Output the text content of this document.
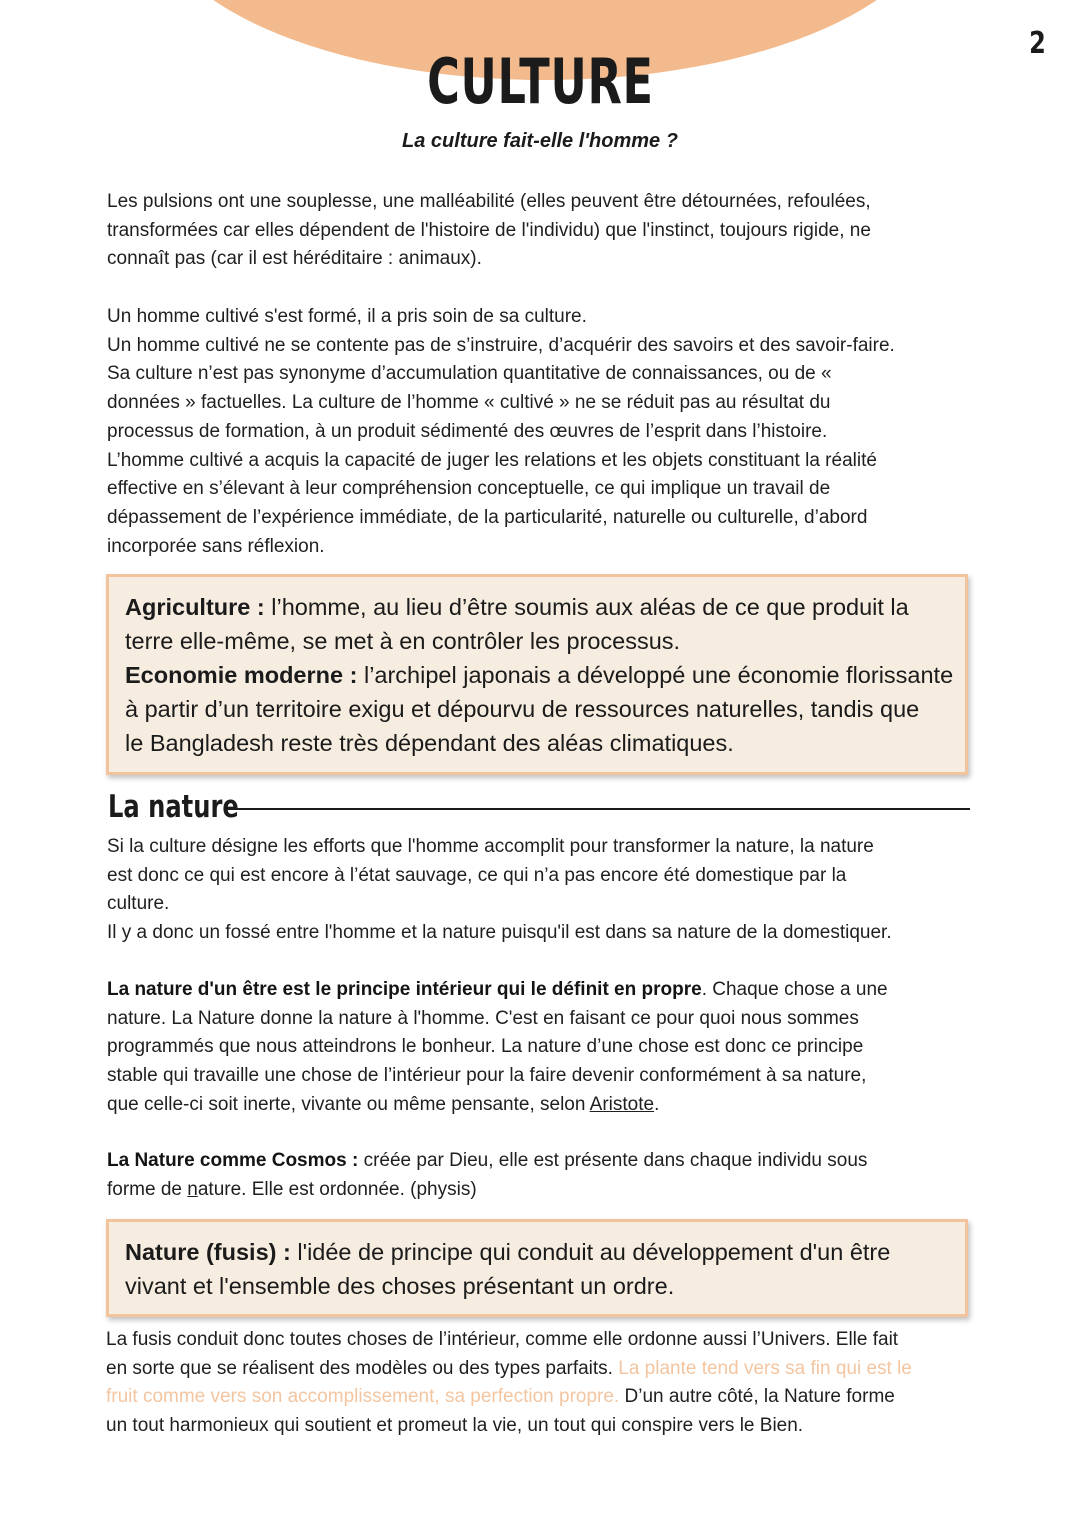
2
CULTURE
La culture fait-elle l'homme ?

Les pulsions ont une souplesse, une malléabilité (elles peuvent être détournées, refoulées,
transformées car elles dépendent de l'histoire de l'individu) que l'instinct, toujours rigide, ne
connaît pas (car il est héréditaire : animaux).

Un homme cultivé s'est formé, il a pris soin de sa culture.
Un homme cultivé ne se contente pas de s’instruire, d’acquérir des savoirs et des savoir-faire.
Sa culture n’est pas synonyme d’accumulation quantitative de connaissances, ou de «
données » factuelles. La culture de l’homme « cultivé » ne se réduit pas au résultat du
processus de formation, à un produit sédimenté des œuvres de l’esprit dans l’histoire.
L’homme cultivé a acquis la capacité de juger les relations et les objets constituant la réalité
effective en s’élevant à leur compréhension conceptuelle, ce qui implique un travail de
dépassement de l’expérience immédiate, de la particularité, naturelle ou culturelle, d’abord
incorporée sans réflexion.

Agriculture : l’homme, au lieu d’être soumis aux aléas de ce que produit la
terre elle-même, se met à en contrôler les processus.
Economie moderne : l’archipel japonais a développé une économie florissante
à partir d’un territoire exigu et dépourvu de ressources naturelles, tandis que
le Bangladesh reste très dépendant des aléas climatiques.

La nature

Si la culture désigne les efforts que l'homme accomplit pour transformer la nature, la nature
est donc ce qui est encore à l’état sauvage, ce qui n’a pas encore été domestique par la
culture.
Il y a donc un fossé entre l'homme et la nature puisqu'il est dans sa nature de la domestiquer.

La nature d'un être est le principe intérieur qui le définit en propre. Chaque chose a une
nature. La Nature donne la nature à l'homme. C'est en faisant ce pour quoi nous sommes
programmés que nous atteindrons le bonheur. La nature d’une chose est donc ce principe
stable qui travaille une chose de l’intérieur pour la faire devenir conformément à sa nature,
que celle-ci soit inerte, vivante ou même pensante, selon Aristote.

La Nature comme Cosmos : créée par Dieu, elle est présente dans chaque individu sous
forme de nature. Elle est ordonnée. (physis)

Nature (fusis) : l'idée de principe qui conduit au développement d'un être
vivant et l'ensemble des choses présentant un ordre.

La fusis conduit donc toutes choses de l’intérieur, comme elle ordonne aussi l’Univers. Elle fait
en sorte que se réalisent des modèles ou des types parfaits. La plante tend vers sa fin qui est le
fruit comme vers son accomplissement, sa perfection propre. D’un autre côté, la Nature forme
un tout harmonieux qui soutient et promeut la vie, un tout qui conspire vers le Bien.
